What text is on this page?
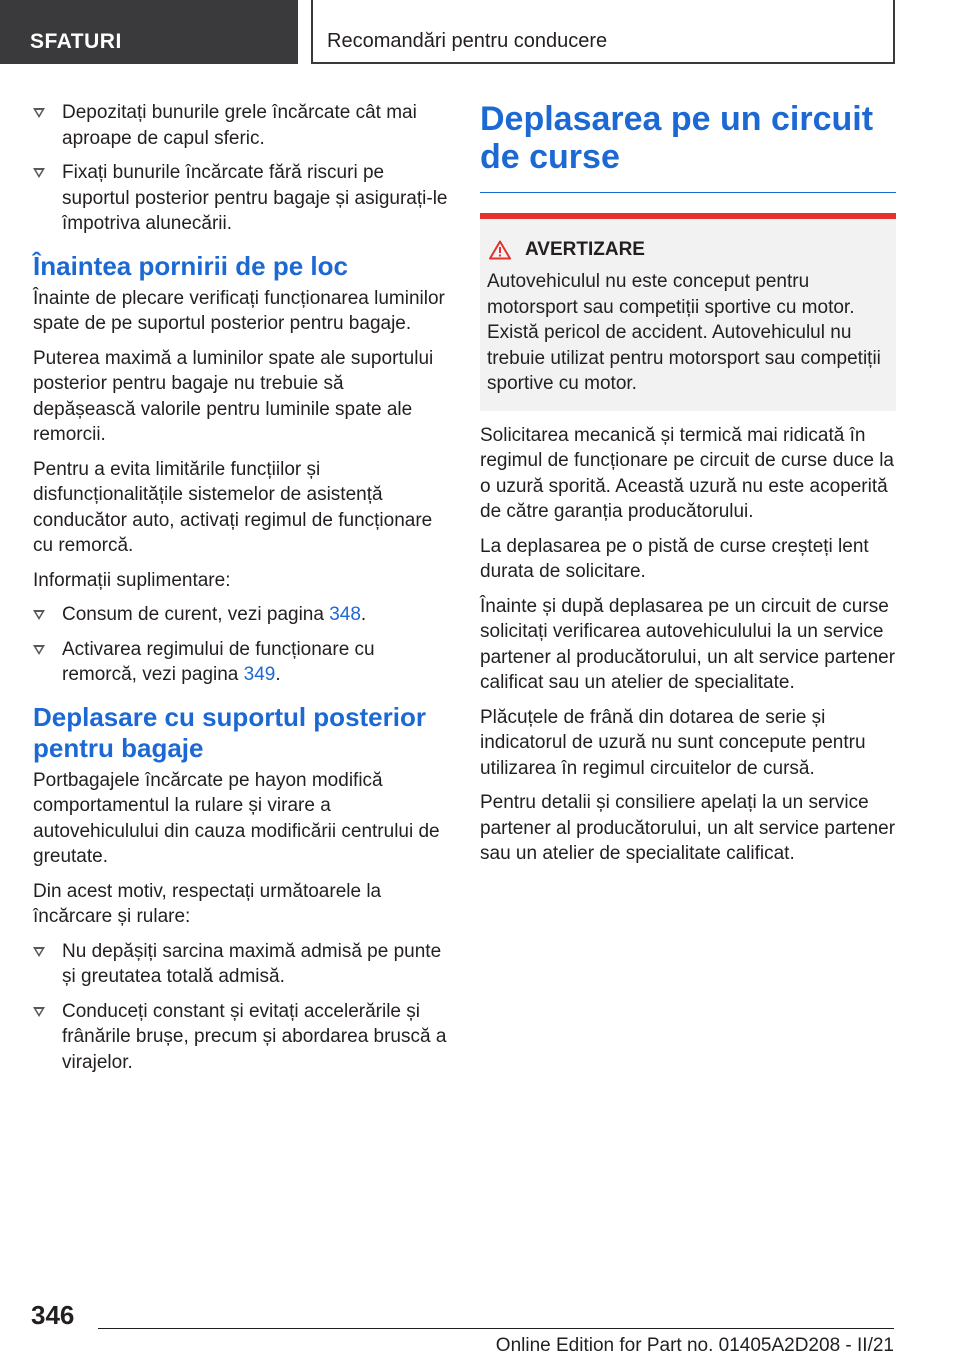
SFATURI	Recomandări pentru conducere
Depozitați bunurile grele încărcate cât mai aproape de capul sferic.
Fixați bunurile încărcate fără riscuri pe suportul posterior pentru bagaje și asigurați-le împotriva alunecării.
Înaintea pornirii de pe loc

Înainte de plecare verificați funcționarea luminilor spate de pe suportul posterior pentru bagaje.

Puterea maximă a luminilor spate ale suportului posterior pentru bagaje nu trebuie să depășească valorile pentru luminile spate ale remorcii.

Pentru a evita limitările funcțiilor și disfuncționalitățile sistemelor de asistență conducător auto, activați regimul de funcționare cu remorcă.

Informații suplimentare:

Consum de curent, vezi pagina 348.
Activarea regimului de funcționare cu remorcă, vezi pagina 349.
Deplasare cu suportul posterior pentru bagaje

Portbagajele încărcate pe hayon modifică comportamentul la rulare și virare a autovehiculului din cauza modificării centrului de greutate.

Din acest motiv, respectați următoarele la încărcare și rulare:

Nu depășiți sarcina maximă admisă pe punte și greutatea totală admisă.
Conduceți constant și evitați accelerările și frânările brușe, precum și abordarea bruscă a virajelor.
Deplasarea pe un circuit de curse
AVERTIZARE

Autovehiculul nu este conceput pentru motorsport sau competiții sportive cu motor. Există pericol de accident. Autovehiculul nu trebuie utilizat pentru motorsport sau competiții sportive cu motor.

Solicitarea mecanică și termică mai ridicată în regimul de funcționare pe circuit de curse duce la o uzură sporită. Această uzură nu este acoperită de către garanția producătorului.

La deplasarea pe o pistă de curse creșteți lent durata de solicitare.

Înainte și după deplasarea pe un circuit de curse solicitați verificarea autovehiculului la un service partener al producătorului, un alt service partener calificat sau un atelier de specialitate.

Plăcuțele de frână din dotarea de serie și indicatorul de uzură nu sunt concepute pentru utilizarea în regimul circuitelor de cursă.

Pentru detalii și consiliere apelați la un service partener al producătorului, un alt service partener sau un atelier de specialitate calificat.

346
Online Edition for Part no. 01405A2D208 - II/21
